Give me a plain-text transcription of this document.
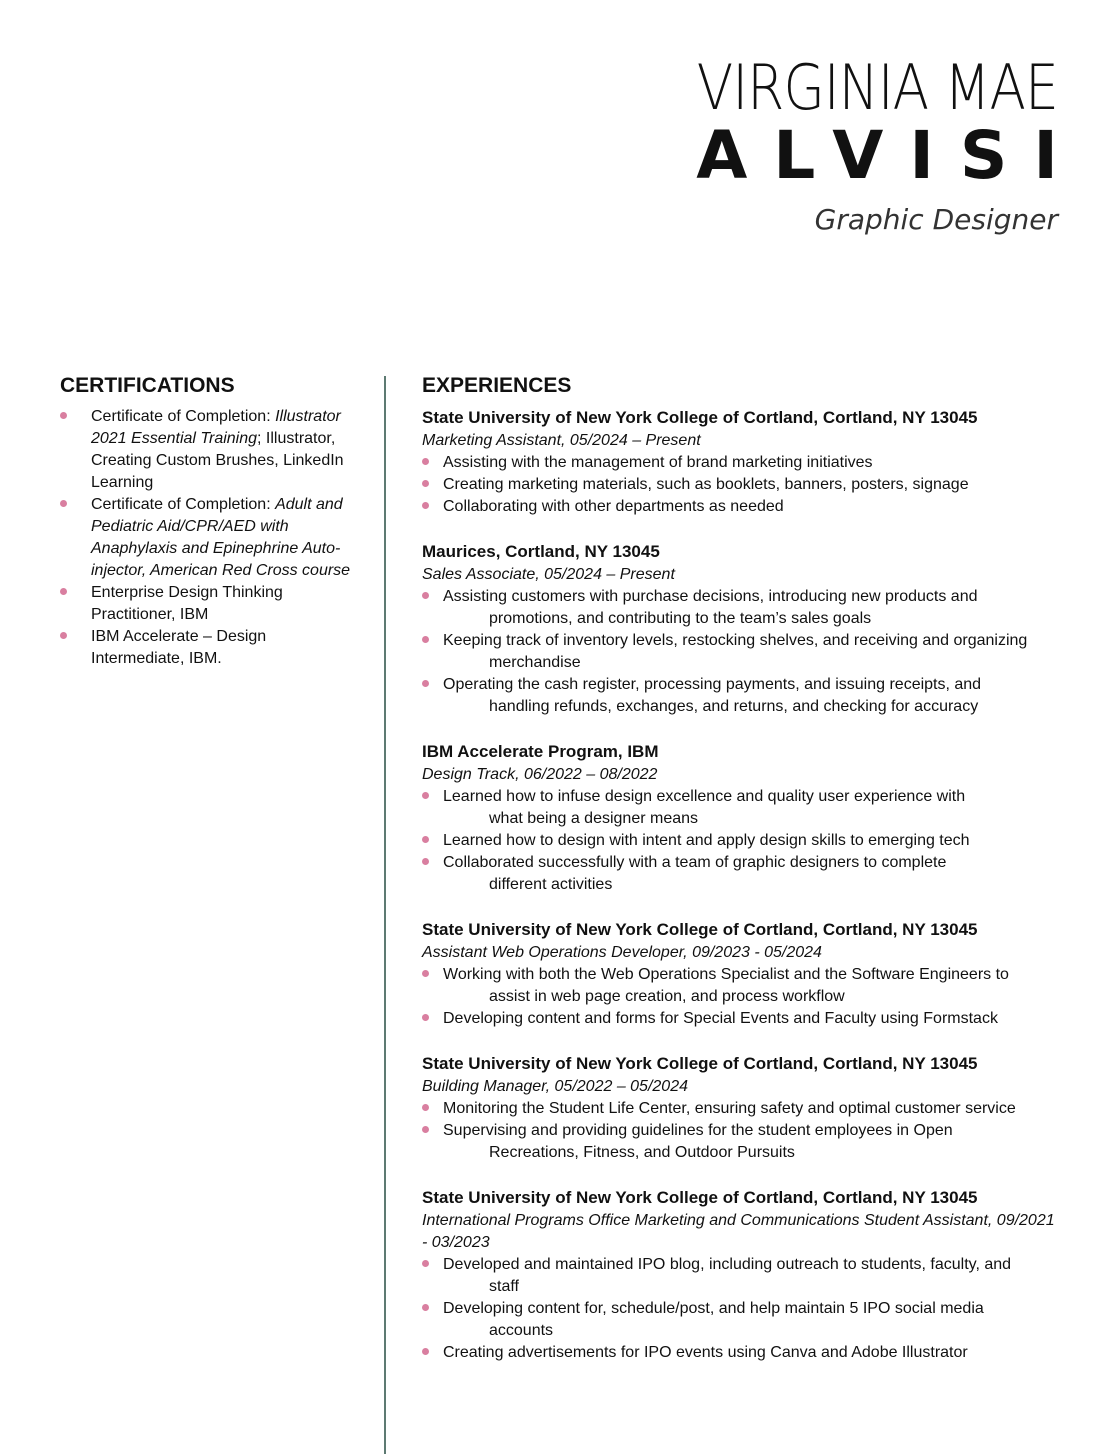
VIRGINIA MAE
ALVISI
Graphic Designer
CERTIFICATIONS
Certificate of Completion: Illustrator 2021 Essential Training; Illustrator, Creating Custom Brushes, LinkedIn Learning
Certificate of Completion: Adult and Pediatric Aid/CPR/AED with Anaphylaxis and Epinephrine Auto-injector, American Red Cross course
Enterprise Design Thinking Practitioner, IBM
IBM Accelerate – Design Intermediate, IBM.
EXPERIENCES
State University of New York College of Cortland, Cortland, NY 13045
Marketing Assistant, 05/2024 – Present
Assisting with the management of brand marketing initiatives
Creating marketing materials, such as booklets, banners, posters, signage
Collaborating with other departments as needed
Maurices, Cortland, NY 13045
Sales Associate, 05/2024 – Present
Assisting customers with purchase decisions, introducing new products and
promotions, and contributing to the team’s sales goals
Keeping track of inventory levels, restocking shelves, and receiving and organizing
merchandise
Operating the cash register, processing payments, and issuing receipts, and
handling refunds, exchanges, and returns, and checking for accuracy
IBM Accelerate Program, IBM
Design Track, 06/2022 – 08/2022
Learned how to infuse design excellence and quality user experience with
what being a designer means
Learned how to design with intent and apply design skills to emerging tech
Collaborated successfully with a team of graphic designers to complete
different activities
State University of New York College of Cortland, Cortland, NY 13045
Assistant Web Operations Developer, 09/2023 - 05/2024
Working with both the Web Operations Specialist and the Software Engineers to
assist in web page creation, and process workflow
Developing content and forms for Special Events and Faculty using Formstack
State University of New York College of Cortland, Cortland, NY 13045
Building Manager, 05/2022 – 05/2024
Monitoring the Student Life Center, ensuring safety and optimal customer service
Supervising and providing guidelines for the student employees in Open
Recreations, Fitness, and Outdoor Pursuits
State University of New York College of Cortland, Cortland, NY 13045
International Programs Office Marketing and Communications Student Assistant, 09/2021 - 03/2023
Developed and maintained IPO blog, including outreach to students, faculty, and
staff
Developing content for, schedule/post, and help maintain 5 IPO social media
accounts
Creating advertisements for IPO events using Canva and Adobe Illustrator
